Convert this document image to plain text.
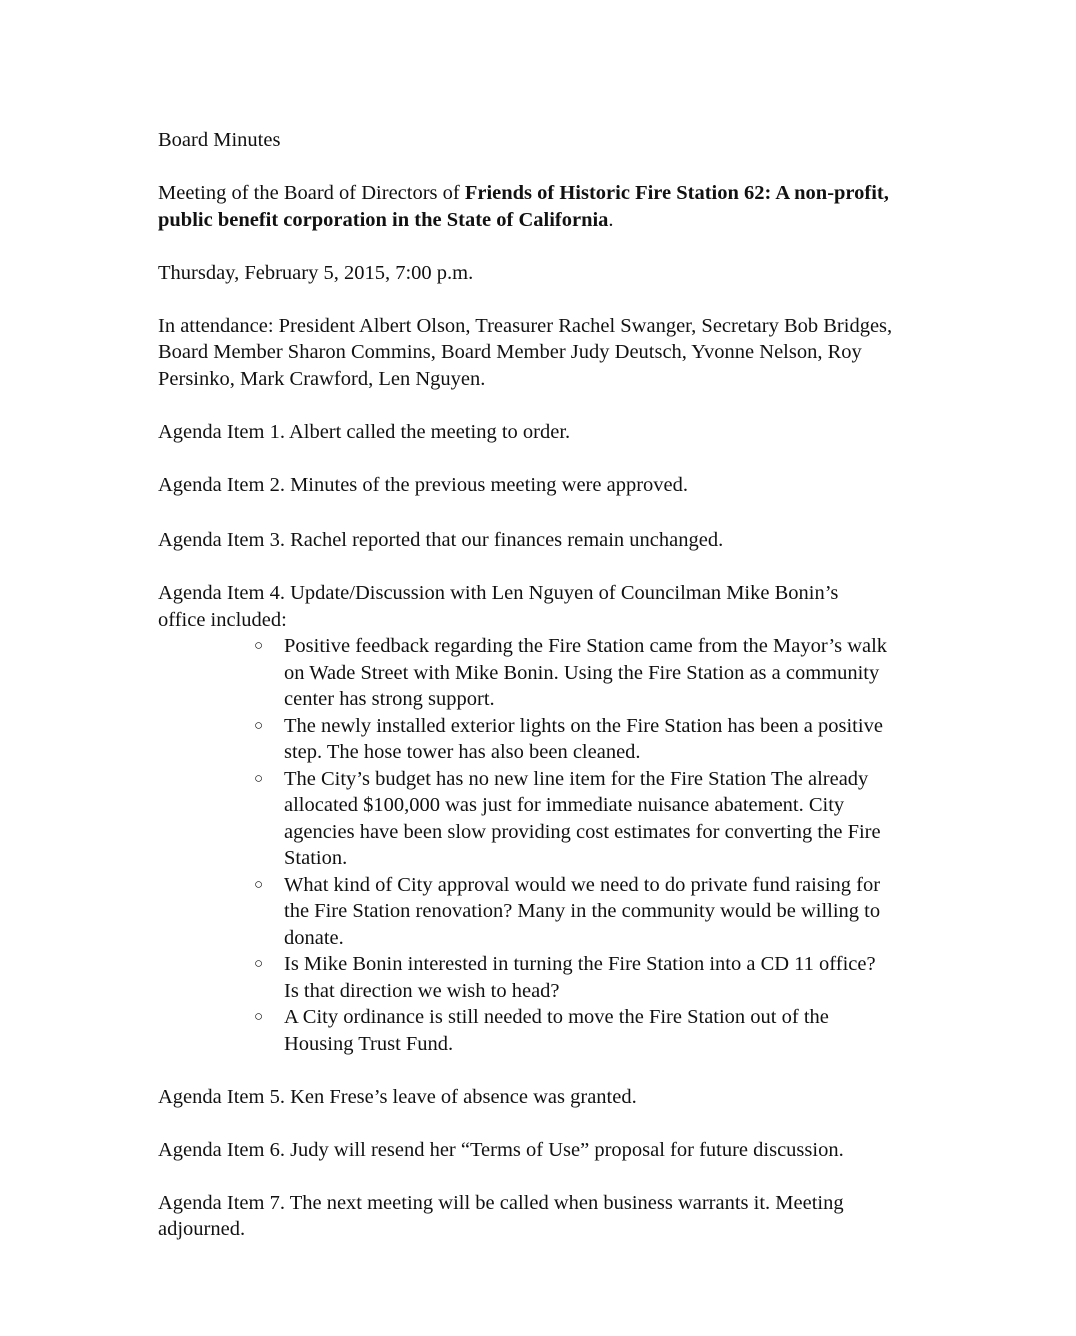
Board Minutes

Meeting of the Board of Directors of Friends of Historic Fire Station 62: A non-profit,
public benefit corporation in the State of California.

Thursday, February 5, 2015, 7:00 p.m.

In attendance: President Albert Olson, Treasurer Rachel Swanger, Secretary Bob Bridges,
Board Member Sharon Commins, Board Member Judy Deutsch, Yvonne Nelson, Roy
Persinko, Mark Crawford, Len Nguyen.

Agenda Item 1. Albert called the meeting to order.

Agenda Item 2. Minutes of the previous meeting were approved.

Agenda Item 3. Rachel reported that our finances remain unchanged.

Agenda Item 4. Update/Discussion with Len Nguyen of Councilman Mike Bonin’s
office included:
○ Positive feedback regarding the Fire Station came from the Mayor’s walk
on Wade Street with Mike Bonin. Using the Fire Station as a community
center has strong support.
○ The newly installed exterior lights on the Fire Station has been a positive
step. The hose tower has also been cleaned.
○ The City’s budget has no new line item for the Fire Station The already
allocated $100,000 was just for immediate nuisance abatement. City
agencies have been slow providing cost estimates for converting the Fire
Station.
○ What kind of City approval would we need to do private fund raising for
the Fire Station renovation? Many in the community would be willing to
donate.
○ Is Mike Bonin interested in turning the Fire Station into a CD 11 office?
Is that direction we wish to head?
○ A City ordinance is still needed to move the Fire Station out of the
Housing Trust Fund.

Agenda Item 5. Ken Frese’s leave of absence was granted.

Agenda Item 6. Judy will resend her “Terms of Use” proposal for future discussion.

Agenda Item 7. The next meeting will be called when business warrants it. Meeting
adjourned.
